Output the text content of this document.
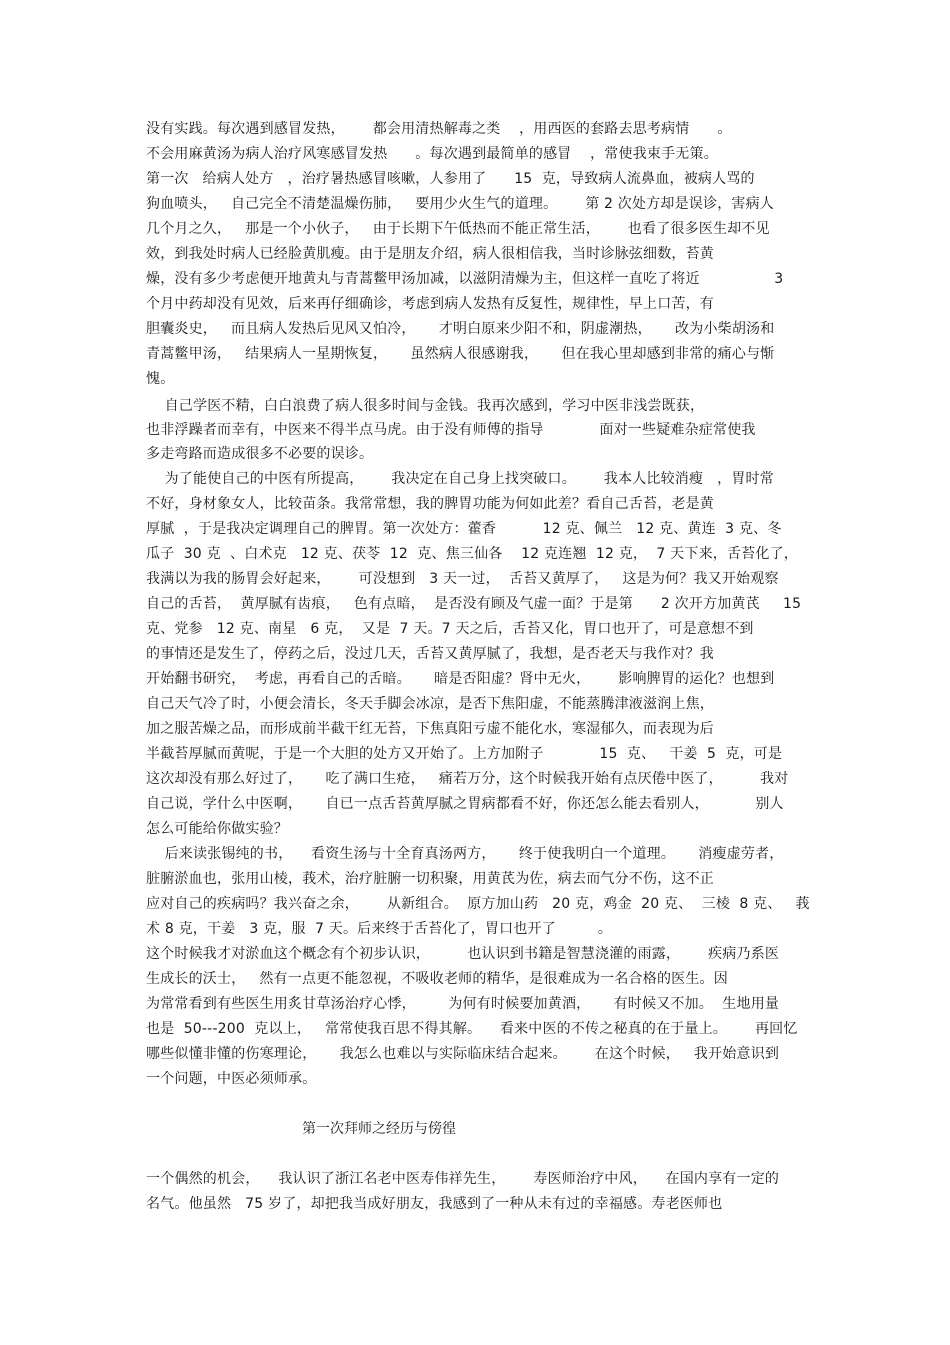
没有实践。每次遇到感冒发热，      都会用清热解毒之类    ，用西医的套路去思考病情      。
不会用麻黄汤为病人治疗风寒感冒发热      。每次遇到最简单的感冒    ，常使我束手无策。
第一次   给病人处方   ，治疗暑热感冒咳嗽，人参用了      15  克，导致病人流鼻血，被病人骂的
狗血喷头，   自己完全不清楚温燥伤肺，   要用少火生气的道理。      第 2 次处方却是误诊，害病人
几个月之久，   那是一个小伙子，   由于长期下午低热而不能正常生活，      也看了很多医生却不见
效，到我处时病人已经脸黄肌瘦。由于是朋友介绍，病人很相信我，当时诊脉弦细数，苔黄
燥，没有多少考虑便开地黄丸与青蒿鳖甲汤加减，以滋阴清燥为主，但这样一直吃了将近                3
个月中药却没有见效，后来再仔细确诊，考虑到病人发热有反复性，规律性，早上口苦，有
胆囊炎史，   而且病人发热后见风又怕冷，     才明白原来少阳不和，阴虚潮热，     改为小柴胡汤和
青蒿鳖甲汤，   结果病人一星期恢复，     虽然病人很感谢我，     但在我心里却感到非常的痛心与惭
愧。
自己学医不精，白白浪费了病人很多时间与金钱。我再次感到，学习中医非浅尝既获，
也非浮躁者而幸有，中医来不得半点马虎。由于没有师傅的指导            面对一些疑难杂症常使我
多走弯路而造成很多不必要的误诊。
为了能使自己的中医有所提高，      我决定在自己身上找突破口。      我本人比较消瘦   ，胃时常
不好，身材象女人，比较苗条。我常常想，我的脾胃功能为何如此差？看自己舌苔，老是黄
厚腻  ，于是我决定调理自己的脾胃。第一次处方：藿香          12 克、佩兰   12 克、黄连  3 克、冬
瓜子  30 克  、白术克   12 克、茯苓  12  克、焦三仙各    12 克连翘  12 克，  7 天下来，舌苔化了，
我满以为我的肠胃会好起来，      可没想到   3 天一过，  舌苔又黄厚了，   这是为何？我又开始观察
自己的舌苔，  黄厚腻有齿痕，   色有点暗，  是否没有顾及气虚一面？于是第      2 次开方加黄芪     15
克、党参   12 克、南星   6 克，  又是  7 天。7 天之后，舌苔又化，胃口也开了，可是意想不到
的事情还是发生了，停药之后，没过几天，舌苔又黄厚腻了，我想，是否老天与我作对？我
开始翻书研究，  考虑，再看自己的舌暗。     暗是否阳虚？肾中无火，      影响脾胃的运化？也想到
自己天气冷了时，小便会清长，冬天手脚会冰凉，是否下焦阳虚，不能蒸腾津液滋润上焦，
加之服苦燥之品，而形成前半截干红无苔，下焦真阳亏虚不能化水，寒湿郁久，而表现为后
半截苔厚腻而黄呢，于是一个大胆的处方又开始了。上方加附子            15  克、   干姜  5  克，可是
这次却没有那么好过了，     吃了满口生疮，   痛若万分，这个时候我开始有点厌倦中医了，        我对
自己说，学什么中医啊，     自已一点舌苔黄厚腻之胃病都看不好，你还怎么能去看别人，          别人
怎么可能给你做实验？
后来读张锡纯的书，    看资生汤与十全育真汤两方，     终于使我明白一个道理。     消瘦虚劳者，
脏腑淤血也，张用山棱，莪术，治疗脏腑一切积聚，用黄芪为佐，病去而气分不伤，这不正
应对自己的疾病吗？我兴奋之余，      从新组合。  原方加山药   20 克，鸡金  20 克、  三棱  8 克、   莪
术 8 克，干姜   3 克，服  7 天。后来终于舌苔化了，胃口也开了         。
这个时候我才对淤血这个概念有个初步认识，        也认识到书籍是智慧浇灌的雨露，      疾病乃系医
生成长的沃士，   然有一点更不能忽视，不吸收老师的精华，是很难成为一名合格的医生。因
为常常看到有些医生用炙甘草汤治疗心悸，       为何有时候要加黄酒，     有时候又不加。  生地用量
也是  50---200  克以上，   常常使我百思不得其解。    看来中医的不传之秘真的在于量上。      再回忆
哪些似懂非懂的伤寒理论，     我怎么也难以与实际临床结合起来。      在这个时候，   我开始意识到
一个问题，中医必须师承。
第一次拜师之经历与傍徨
一个偶然的机会，    我认识了浙江名老中医寿伟祥先生，      寿医师治疗中风，    在国内享有一定的
名气。他虽然   75 岁了，却把我当成好朋友，我感到了一种从未有过的幸福感。寿老医师也
